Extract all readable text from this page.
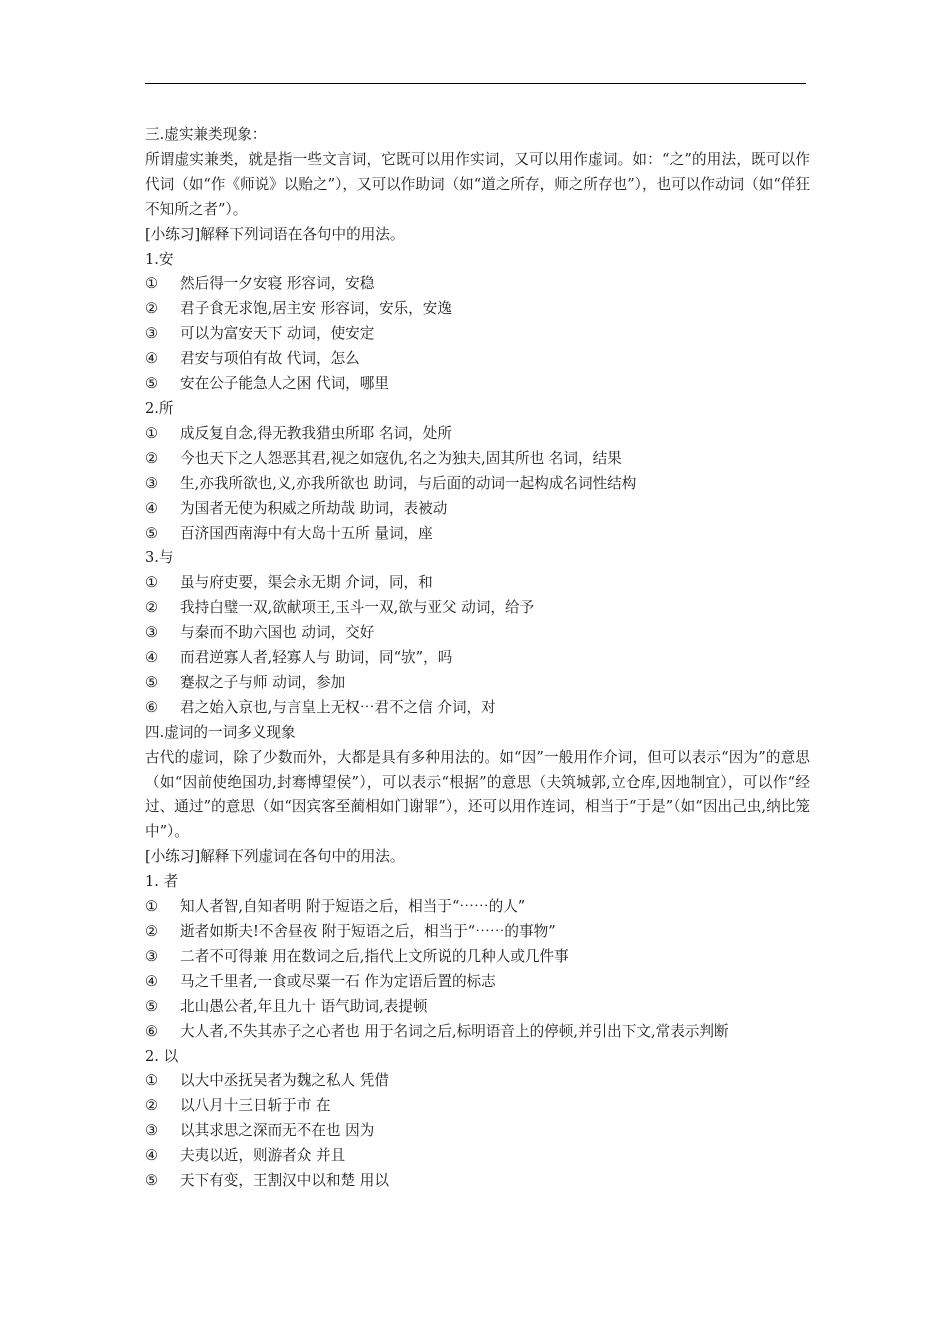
三.虚实兼类现象：
所谓虚实兼类，就是指一些文言词，它既可以用作实词，又可以用作虚词。如：“之”的用法，既可以作代词（如“作《师说》以贻之”），又可以作助词（如“道之所存，师之所存也”），也可以作动词（如“佯狂不知所之者”）。
[小练习]解释下列词语在各句中的用法。
1.安
①	然后得一夕安寝 形容词，安稳
②	君子食无求饱,居主安 形容词，安乐，安逸
③	可以为富安天下 动词，使安定
④	君安与项伯有故 代词，怎么
⑤	安在公子能急人之困 代词，哪里
2.所
①	成反复自念,得无教我猎虫所耶 名词，处所
②	今也天下之人怨恶其君,视之如寇仇,名之为独夫,固其所也 名词，结果
③	生,亦我所欲也,义,亦我所欲也 助词，与后面的动词一起构成名词性结构
④	为国者无使为积威之所劫哉 助词，表被动
⑤	百济国西南海中有大岛十五所 量词，座
3.与
①	虽与府吏要，渠会永无期 介词，同，和
②	我持白璧一双,欲献项王,玉斗一双,欲与亚父 动词，给予
③	与秦而不助六国也 动词，交好
④	而君逆寡人者,轻寡人与 助词，同“欤”，吗
⑤	蹇叔之子与师 动词，参加
⑥	君之始入京也,与言皇上无权⋯君不之信 介词，对
四.虚词的一词多义现象
古代的虚词，除了少数而外，大都是具有多种用法的。如“因”一般用作介词，但可以表示“因为”的意思（如“因前使绝国功,封骞博望侯”），可以表示“根据”的意思（夫筑城郭,立仓库,因地制宜），可以作“经过、通过”的意思（如“因宾客至蔺相如门谢罪”），还可以用作连词，相当于“于是”（如“因出己虫,纳比笼中”）。
[小练习]解释下列虚词在各句中的用法。
1. 者
①	知人者智,自知者明 附于短语之后，相当于“⋯⋯的人”
②	逝者如斯夫!不舍昼夜 附于短语之后，相当于“⋯⋯的事物”
③	二者不可得兼 用在数词之后,指代上文所说的几种人或几件事
④	马之千里者,一食或尽粟一石 作为定语后置的标志
⑤	北山愚公者,年且九十 语气助词,表提顿
⑥	大人者,不失其赤子之心者也 用于名词之后,标明语音上的停顿,并引出下文,常表示判断
2. 以
①	以大中丞抚吴者为魏之私人 凭借
②	以八月十三日斩于市 在
③	以其求思之深而无不在也 因为
④	夫夷以近，则游者众 并且
⑤	天下有变，王割汉中以和楚 用以
